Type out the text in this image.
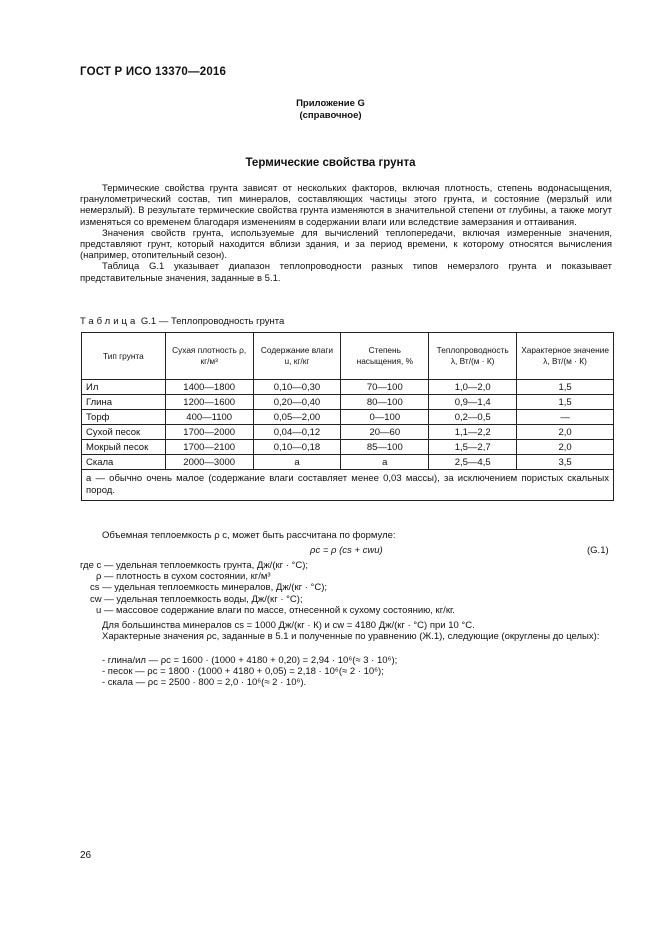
ГОСТ Р ИСО 13370—2016
Приложение G
(справочное)
Термические свойства грунта

Термические свойства грунта зависят от нескольких факторов, включая плотность, степень водонасыщения, гранулометрический состав, тип минералов, составляющих частицы этого грунта, и состояние (мерзлый или немерзлый). В результате термические свойства грунта изменяются в значительной степени от глубины, а также могут изменяться со временем благодаря изменениям в содержании влаги или вследствие замерзания и оттаивания.

Значения свойств грунта, используемые для вычислений теплопередачи, включая измеренные значения, представляют грунт, который находится вблизи здания, и за период времени, к которому относятся вычисления (например, отопительный сезон).

Таблица G.1 указывает диапазон теплопроводности разных типов немерзлого грунта и показывает представительные значения, заданные в 5.1.

Таблица G.1 — Теплопроводность грунта
Тип грунта	Сухая плотность ρ, кг/м³	Содержание влаги u, кг/кг	Степень насыщения, %	Теплопроводность λ, Вт/(м · К)	Характерное значение λ, Вт/(м · К)
Ил	1400—1800	0,10—0,30	70—100	1,0—2,0	1,5
Глина	1200—1600	0,20—0,40	80—100	0,9—1,4	1,5
Торф	400—1100	0,05—2,00	0—100	0,2—0,5	—
Сухой песок	1700—2000	0,04—0,12	20—60	1,1—2,2	2,0
Мокрый песок	1700—2100	0,10—0,18	85—100	1,5—2,7	2,0
Скала	2000—3000	a	a	2,5—4,5	3,5
a — обычно очень малое (содержание влаги составляет менее 0,03 массы), за исключением пористых скальных пород.					
Объемная теплоемкость ρ c, может быть рассчитана по формуле:
ρc = ρ (cs + cwu)	(G.1)
где c — удельная теплоемкость грунта, Дж/(кг · °C);
ρ — плотность в сухом состоянии, кг/м³
cs — удельная теплоемкость минералов, Дж/(кг · °C);
cw — удельная теплоемкость воды, Дж/(кг · °C);
u — массовое содержание влаги по массе, отнесенной к сухому состоянию, кг/кг.

Для большинства минералов cs = 1000 Дж/(кг · К) и cw = 4180 Дж/(кг · °C) при 10 °C.

Характерные значения ρc, заданные в 5.1 и полученные по уравнению (Ж.1), следующие (округлены до целых):

- глина/ил — ρc = 1600 · (1000 + 4180 + 0,20) = 2,94 · 10⁶(≈ 3 · 10⁶);
- песок — ρc = 1800 · (1000 + 4180 + 0,05) = 2,18 · 10⁶(≈ 2 · 10⁶);
- скала — ρc = 2500 · 800 = 2,0 · 10⁶(≈ 2 · 10⁶).
26
